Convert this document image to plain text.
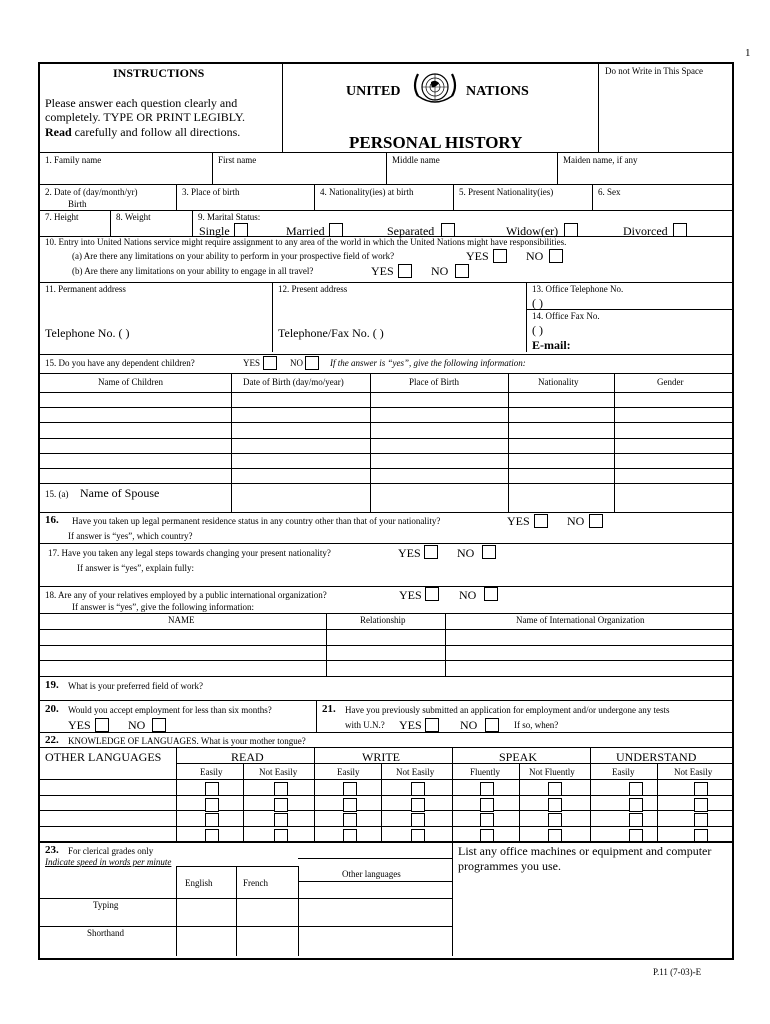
1
INSTRUCTIONS
Please answer each question clearly and
completely. TYPE OR PRINT LEGIBLY.
Read carefully and follow all directions.
UNITED	NATIONS
PERSONAL HISTORY
Do not Write in This Space
1. Family name	First name	Middle name	Maiden name, if any
2. Date of (day/month/yr)
Birth
3. Place of birth	4. Nationality(ies) at birth	5. Present Nationality(ies)	6. Sex
7. Height	8. Weight	9. Marital Status:
Single	Married	Separated	Widow(er)	Divorced
10. Entry into United Nations service might require assignment to any area of the world in which the United Nations might have responsibilities.
(a) Are there any limitations on your ability to perform in your prospective field of work?	YES	NO
(b) Are there any limitations on your ability to engage in all travel?	YES	NO
11. Permanent address	12. Present address	13. Office Telephone No.
( )
14. Office Fax No.
( )
E-mail:
Telephone No. ( )	Telephone/Fax No. ( )
15. Do you have any dependent children?	YES	NO	If the answer is “yes”, give the following information:
Name of Children	Date of Birth (day/mo/year)	Place of Birth	Nationality	Gender
15. (a) Name of Spouse
16. Have you taken up legal permanent residence status in any country other than that of your nationality?	YES	NO
If answer is “yes”, which country?
17. Have you taken any legal steps towards changing your present nationality?	YES	NO
If answer is “yes”, explain fully:
18. Are any of your relatives employed by a public international organization?	YES	NO
If answer is “yes”, give the following information:
NAME	Relationship	Name of International Organization
19. What is your preferred field of work?
20. Would you accept employment for less than six months?
YES	NO
21. Have you previously submitted an application for employment and/or undergone any tests
with U.N.? YES	NO	If so, when?
22. KNOWLEDGE OF LANGUAGES. What is your mother tongue?
OTHER LANGUAGES	READ	WRITE	SPEAK	UNDERSTAND
Easily	Not Easily	Easily	Not Easily	Fluently	Not Fluently	Easily	Not Easily
23. For clerical grades only
Indicate speed in words per minute
English	French
Other languages
Typing
Shorthand
List any office machines or equipment and computer
programmes you use.
P.11 (7-03)-E
